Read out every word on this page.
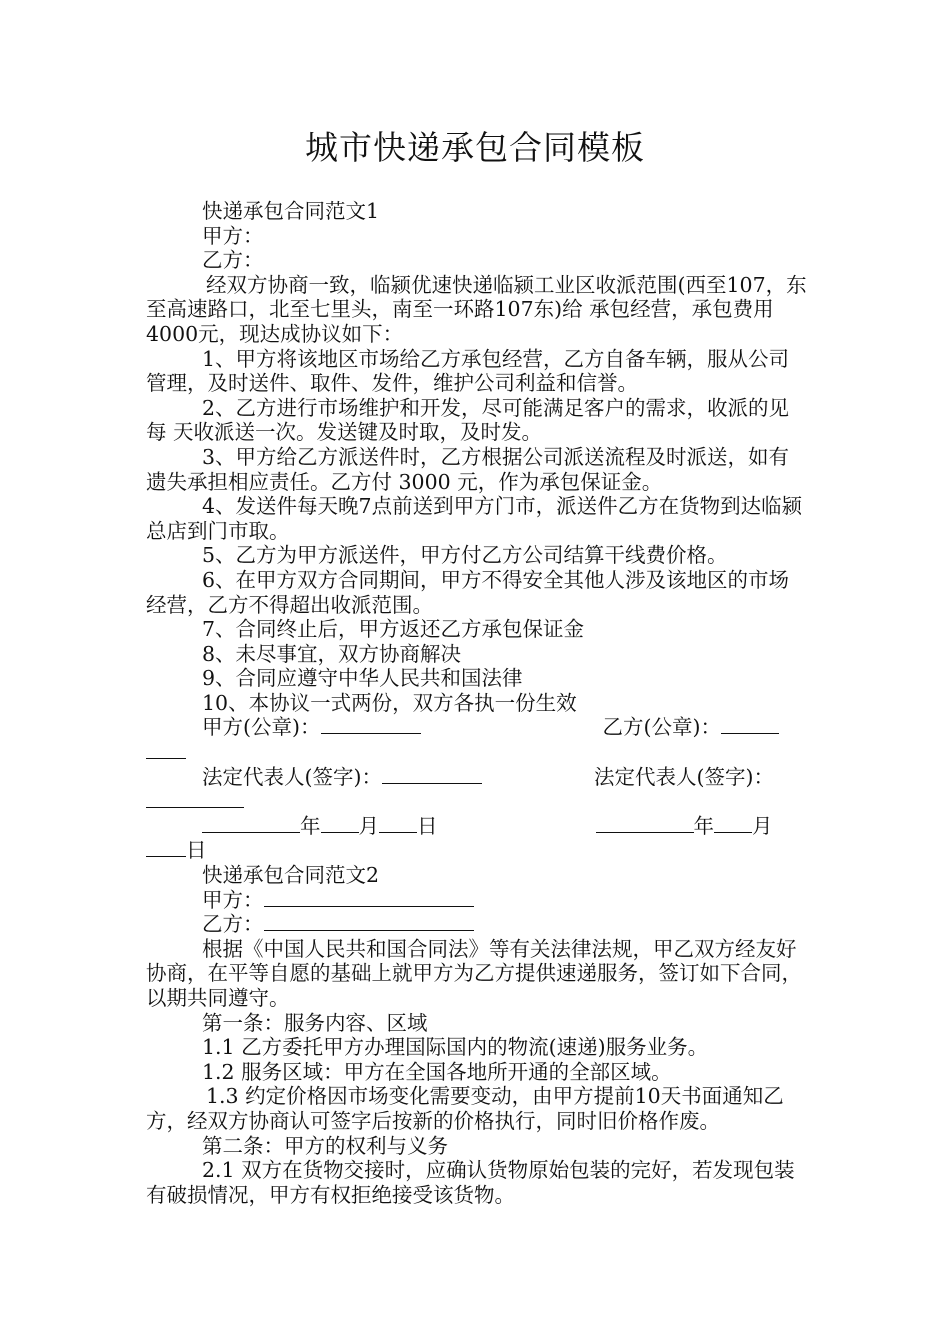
城市快递承包合同模板

快递承包合同范文1

甲方：

乙方：

经双方协商一致，临颍优速快递临颍工业区收派范围(西至107，东至高速路口，北至七里头，南至一环路107东)给 承包经营，承包费用 4000元，现达成协议如下：

1、甲方将该地区市场给乙方承包经营，乙方自备车辆，服从公司管理，及时送件、取件、发件，维护公司利益和信誉。

2、乙方进行市场维护和开发，尽可能满足客户的需求，收派的见每 天收派送一次。发送键及时取，及时发。

3、甲方给乙方派送件时，乙方根据公司派送流程及时派送，如有遗失承担相应责任。乙方付 3000 元，作为承包保证金。

4、发送件每天晚7点前送到甲方门市，派送件乙方在货物到达临颍总店到门市取。

5、乙方为甲方派送件，甲方付乙方公司结算干线费价格。

6、在甲方双方合同期间，甲方不得安全其他人涉及该地区的市场经营，乙方不得超出收派范围。

7、合同终止后，甲方返还乙方承包保证金

8、未尽事宜，双方协商解决

9、合同应遵守中华人民共和国法律

10、本协议一式两份，双方各执一份生效

甲方(公章)：	乙方(公章)：

法定代表人(签字)：	法定代表人(签字)：

年 月 日	年 月

日

快递承包合同范文2

甲方：

乙方：

根据《中国人民共和国合同法》等有关法律法规，甲乙双方经友好协商，在平等自愿的基础上就甲方为乙方提供速递服务，签订如下合同，以期共同遵守。

第一条：服务内容、区域

1.1 乙方委托甲方办理国际国内的物流(速递)服务业务。

1.2 服务区域：甲方在全国各地所开通的全部区域。

1.3 约定价格因市场变化需要变动，由甲方提前10天书面通知乙方，经双方协商认可签字后按新的价格执行，同时旧价格作废。

第二条：甲方的权利与义务

2.1 双方在货物交接时，应确认货物原始包装的完好，若发现包装有破损情况，甲方有权拒绝接受该货物。
